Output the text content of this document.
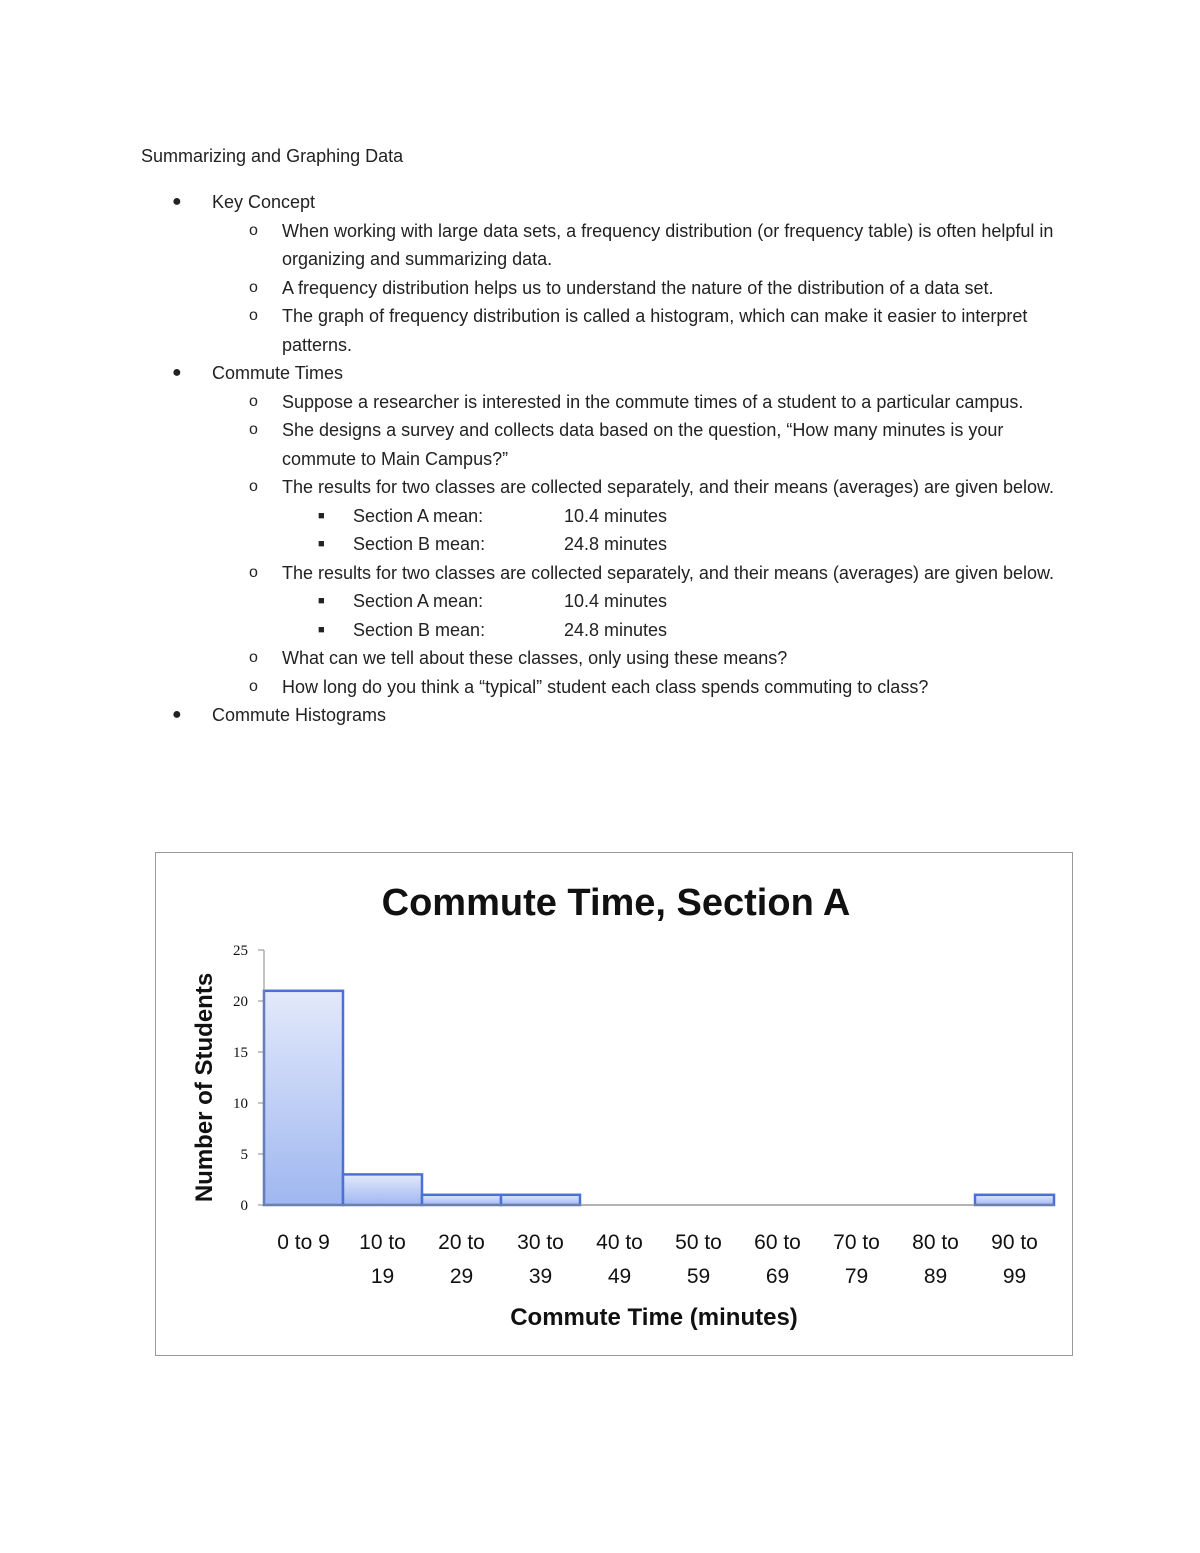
Summarizing and Graphing Data
● Key Concept
o When working with large data sets, a frequency distribution (or frequency table) is often helpful in organizing and summarizing data.
o A frequency distribution helps us to understand the nature of the distribution of a data set.
o The graph of frequency distribution is called a histogram, which can make it easier to interpret patterns.
● Commute Times
o Suppose a researcher is interested in the commute times of a student to a particular campus.
o She designs a survey and collects data based on the question, “How many minutes is your commute to Main Campus?”
o The results for two classes are collected separately, and their means (averages) are given below.
■ Section A mean:	10.4 minutes
■ Section B mean:	24.8 minutes
o The results for two classes are collected separately, and their means (averages) are given below.
■ Section A mean:	10.4 minutes
■ Section B mean:	24.8 minutes
o What can we tell about these classes, only using these means?
o How long do you think a “typical” student each class spends commuting to class?
● Commute Histograms
Commute Time, Section A
Number of Students
Commute Time (minutes)
0
5
10
15
20
25
0 to 9 10 to
19
20 to
29
30 to
39
40 to
49
50 to
59
60 to
69
70 to
79
80 to
89
90 to
99
